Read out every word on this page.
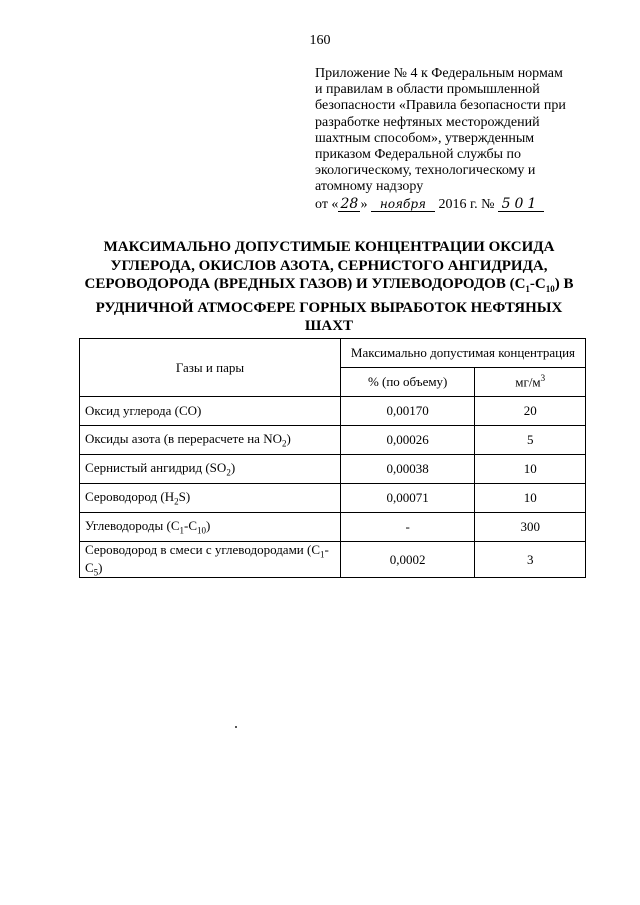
160
Приложение № 4 к Федеральным нормам
и правилам в области промышленной
безопасности «Правила безопасности при
разработке нефтяных месторождений
шахтным способом», утвержденным
приказом Федеральной службы по
экологическому, технологическому и
атомному надзору
от « 28 » ноября 2016 г. № 501
МАКСИМАЛЬНО ДОПУСТИМЫЕ КОНЦЕНТРАЦИИ ОКСИДА УГЛЕРОДА, ОКИСЛОВ АЗОТА, СЕРНИСТОГО АНГИДРИДА, СЕРОВОДОРОДА (ВРЕДНЫХ ГАЗОВ) И УГЛЕВОДОРОДОВ $(C_1-C_{10})$ В РУДНИЧНОЙ АТМОСФЕРЕ ГОРНЫХ ВЫРАБОТОК НЕФТЯНЫХ ШАХТ
Газы и пары	Максимально допустимая концентрация	
	% (по объему)	$мг/м^3$
Оксид углерода (CO)	0,00170	20
Оксиды азота (в перерасчете на $NO_2$)	0,00026	5
Сернистый ангидрид $(SO_2)$	0,00038	10
Сероводород $(H_2S)$	0,00071	10
Углеводороды $(C_1-C_{10})$	-	300
Сероводород в смеси с углеводородами $(C_1-C_5)$	0,0002	3
